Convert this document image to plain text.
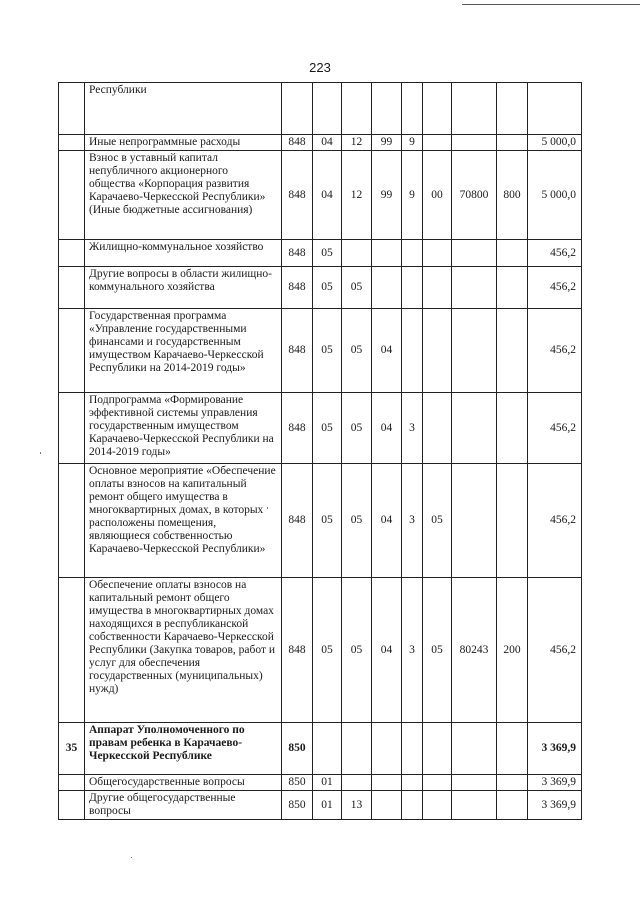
223
	Республики									
	Иные непрограммные расходы	848	04	12	99	9				5 000,0
	Взнос в уставный капитал непубличного акционерного общества «Корпорация развития Карачаево-Черкесской Республики» (Иные бюджетные ассигнования)	848	04	12	99	9	00	70800	800	5 000,0
	Жилищно-коммунальное хозяйство	848	05							456,2
	Другие вопросы в области жилищно-коммунального хозяйства	848	05	05						456,2
	Государственная программа «Управление государственными финансами и государственным имуществом Карачаево-Черкесской Республики на 2014-2019 годы»	848	05	05	04					456,2
	Подпрограмма «Формирование эффективной системы управления государственным имуществом Карачаево-Черкесской Республики на 2014-2019 годы»	848	05	05	04	3				456,2
	Основное мероприятие «Обеспечение оплаты взносов на капитальный ремонт общего имущества в многоквартирных домах, в которых расположены помещения, являющиеся собственностью Карачаево-Черкесской Республики»	848	05	05	04	3	05			456,2
	Обеспечение оплаты взносов на капитальный ремонт общего имущества в многоквартирных домах находящихся в республиканской собственности Карачаево-Черкесской Республики (Закупка товаров, работ и услуг для обеспечения государственных (муниципальных) нужд)	848	05	05	04	3	05	80243	200	456,2
35	Аппарат Уполномоченного по правам ребенка в Карачаево-Черкесской Республике	850								3 369,9
	Общегосударственные вопросы	850	01							3 369,9
	Другие общегосударственные вопросы	850	01	13						3 369,9
